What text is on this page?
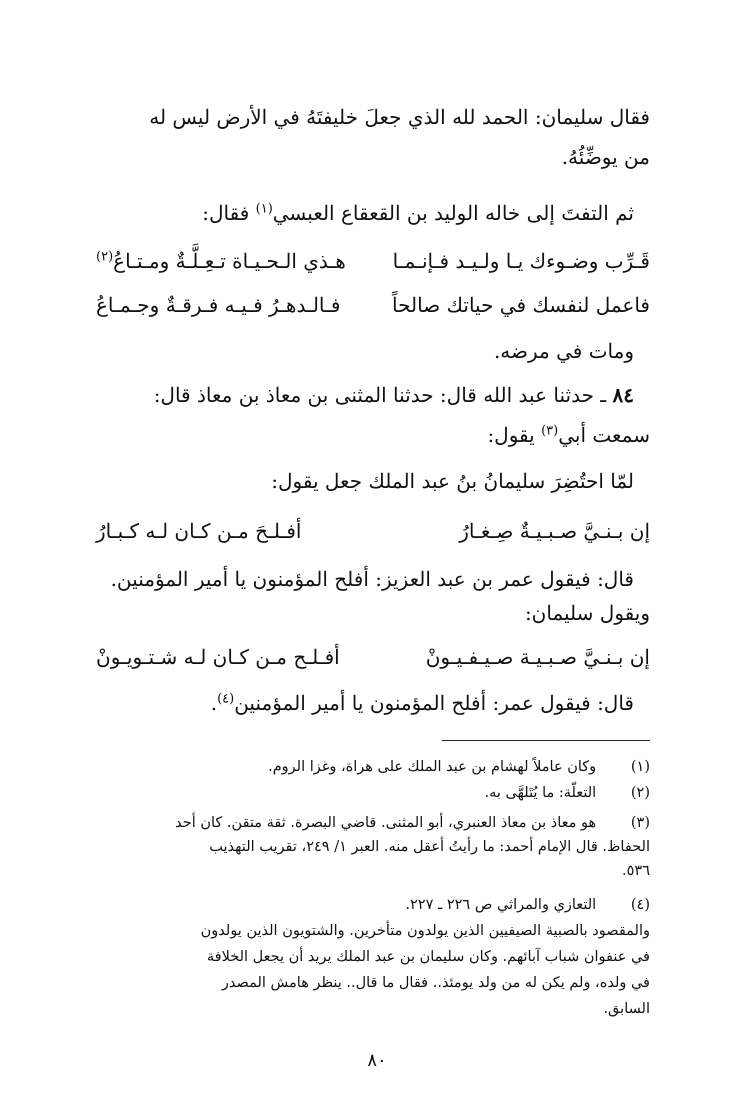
فقال سليمان: الحمد لله الذي جعلَ خليفتَهُ في الأرض ليس له
من يوضِّئُهُ.
ثم التفتَ إلى خاله الوليد بن القعقاع العبسي$^{(١)}$ فقال:
قَـرِّب وضـوءك يـا ولـيـد فـإنـمـا
هـذي الـحـيـاة تـعِـلَّـةٌ ومـتـاعُ$^{(٢)}$
فاعمل لنفسك في حياتك صالحاً
فـالـدهـرُ فـيـه فـرقـةٌ وجـمـاعُ
ومات في مرضه.
٨٤ ـ حدثنا عبد الله قال: حدثنا المثنى بن معاذ بن معاذ قال:
سمعت أبي$^{(٣)}$ يقول:
لمّا احتُضِرَ سليمانُ بنُ عبد الملك جعل يقول:
إن بـنـيَّ صـبـيـةٌ صِـغـارُ
أفـلـحَ مـن كـان لـه كـبـارُ
قال: فيقول عمر بن عبد العزيز: أفلح المؤمنون يا أمير المؤمنين.
ويقول سليمان:
إن بـنـيَّ صـبـيـة صـيـفـيـونْ
أفـلـح مـن كـان لـه شـتـويـونْ
قال: فيقول عمر: أفلح المؤمنون يا أمير المؤمنين$^{(٤)}$.
(١)   وكان عاملاً لهشام بن عبد الملك على هراة، وغزا الروم.
(٢)   التعلّة: ما يُتَلهَّى به.
(٣)   هو معاذ بن معاذ العنبري، أبو المثنى. قاضي البصرة. ثقة متقن. كان أحد
الحفاظ. قال الإمام أحمد: ما رأيتُ أعقل منه. العبر ١/ ٢٤٩، تقريب التهذيب
٥٣٦.
(٤)   التعازي والمراثي ص ٢٢٦ ـ ٢٢٧.
والمقصود بالصبية الصيفيين الذين يولدون متأخرين. والشتويون الذين يولدون
في عنفوان شباب آبائهم. وكان سليمان بن عبد الملك يريد أن يجعل الخلافة
في ولده، ولم يكن له من ولد يومئذ.. فقال ما قال.. ينظر هامش المصدر
السابق.
٨٠
